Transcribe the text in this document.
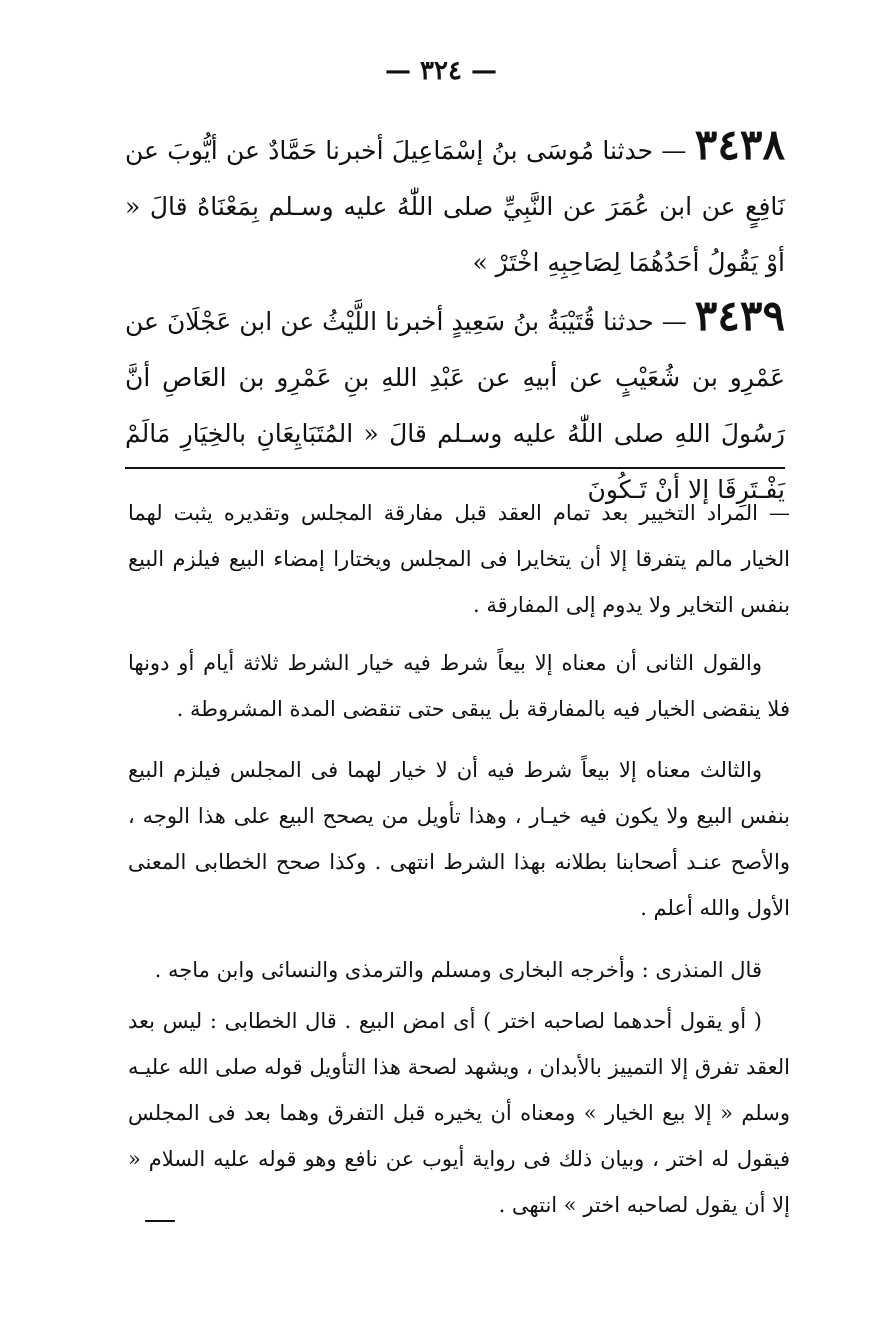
— ٣٢٤ —
٣٤٣٨ — حدثنا مُوسَى بنُ إسْمَاعِيلَ أخبرنا حَمَّادٌ عن أيُّوبَ عن نَافِعٍ عن ابن عُمَرَ عن النَّبِيِّ صلى اللّٰهُ عليه وسـلم بِمَعْنَاهُ قالَ « أوْ يَقُولُ أحَدُهُمَا لِصَاحِبِهِ اخْتَرْ »
٣٤٣٩ — حدثنا قُتَيْبَةُ بنُ سَعِيدٍ أخبرنا اللَّيْثُ عن ابن عَجْلَانَ عن عَمْرِو بن شُعَيْبٍ عن أبيهِ عن عَبْدِ اللهِ بنِ عَمْرِو بن العَاصِ أنَّ رَسُولَ اللهِ صلى اللّٰهُ عليه وسـلم قالَ « المُتَبَايِعَانِ بالخِيَارِ مَالَمْ يَفْـتَرِقَا إلا أنْ تَـكُونَ

— المراد التخيير بعد تمام العقد قبل مفارقة المجلس وتقديره يثبت لهما الخيار مالم يتفرقا إلا أن يتخايرا فى المجلس ويختارا إمضاء البيع فيلزم البيع بنفس التخاير ولا يدوم إلى المفارقة .

والقول الثانى أن معناه إلا بيعاً شرط فيه خيار الشرط ثلاثة أيام أو دونها فلا ينقضى الخيار فيه بالمفارقة بل يبقى حتى تنقضى المدة المشروطة .

والثالث معناه إلا بيعاً شرط فيه أن لا خيار لهما فى المجلس فيلزم البيع بنفس البيع ولا يكون فيه خيـار ، وهذا تأويل من يصحح البيع على هذا الوجه ، والأصح عنـد أصحابنا بطلانه بهذا الشرط انتهى . وكذا صحح الخطابى المعنى الأول والله أعلم .

قال المنذرى : وأخرجه البخارى ومسلم والترمذى والنسائى وابن ماجه .

( أو يقول أحدهما لصاحبه اختر ) أى امض البيع . قال الخطابى : ليس بعد العقد تفرق إلا التمييز بالأبدان ، ويشهد لصحة هذا التأويل قوله صلى الله عليـه وسلم « إلا بيع الخيار » ومعناه أن يخيره قبل التفرق وهما بعد فى المجلس فيقول له اختر ، وبيان ذلك فى رواية أيوب عن نافع وهو قوله عليه السلام « إلا أن يقول لصاحبه اختر » انتهى .
